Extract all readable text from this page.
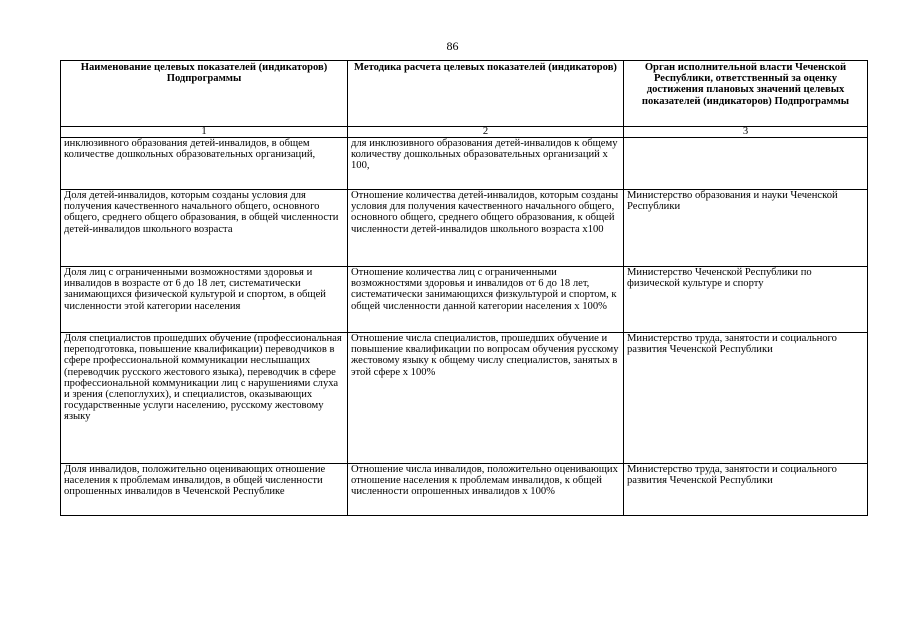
86
Наименование целевых показателей (индикаторов) Подпрограммы	Методика расчета целевых показателей (индикаторов)	Орган исполнительной власти Чеченской Республики, ответственный за оценку достижения плановых значений целевых показателей (индикаторов) Подпрограммы
1	2	3
инклюзивного образования детей-инвалидов, в общем количестве дошкольных образовательных организаций,	для инклюзивного образования детей-инвалидов к общему количеству дошкольных образовательных организаций х 100,	
Доля детей-инвалидов, которым созданы условия для получения качественного начального общего, основного общего, среднего общего образования, в общей численности детей-инвалидов школьного возраста	Отношение количества детей-инвалидов, которым созданы условия для получения качественного начального общего, основного общего, среднего общего образования, к общей численности детей-инвалидов школьного возраста х100	Министерство образования и науки Чеченской Республики
Доля лиц с ограниченными возможностями здоровья и инвалидов в возрасте от 6 до 18 лет, систематически занимающихся физической культурой и спортом, в общей численности этой категории населения	Отношение количества лиц с ограниченными возможностями здоровья и инвалидов от 6 до 18 лет, систематически занимающихся физкультурой и спортом, к общей численности данной категории населения х 100%	Министерство Чеченской Республики по физической культуре и спорту
Доля специалистов прошедших обучение (профессиональная переподготовка, повышение квалификации) переводчиков в сфере профессиональной коммуникации неслышащих (переводчик русского жестового языка), переводчик в сфере профессиональной коммуникации лиц с нарушениями слуха и зрения (слепоглухих), и специалистов, оказывающих государственные услуги населению, русскому жестовому языку	Отношение числа специалистов, прошедших обучение и повышение квалификации по вопросам обучения русскому жестовому языку к общему числу специалистов, занятых в этой сфере х 100%	Министерство труда, занятости и социального развития Чеченской Республики
Доля инвалидов, положительно оценивающих отношение населения к проблемам инвалидов, в общей численности опрошенных инвалидов в Чеченской Республике	Отношение числа инвалидов, положительно оценивающих отношение населения к проблемам инвалидов, к общей численности опрошенных инвалидов х 100%	Министерство труда, занятости и социального развития Чеченской Республики
